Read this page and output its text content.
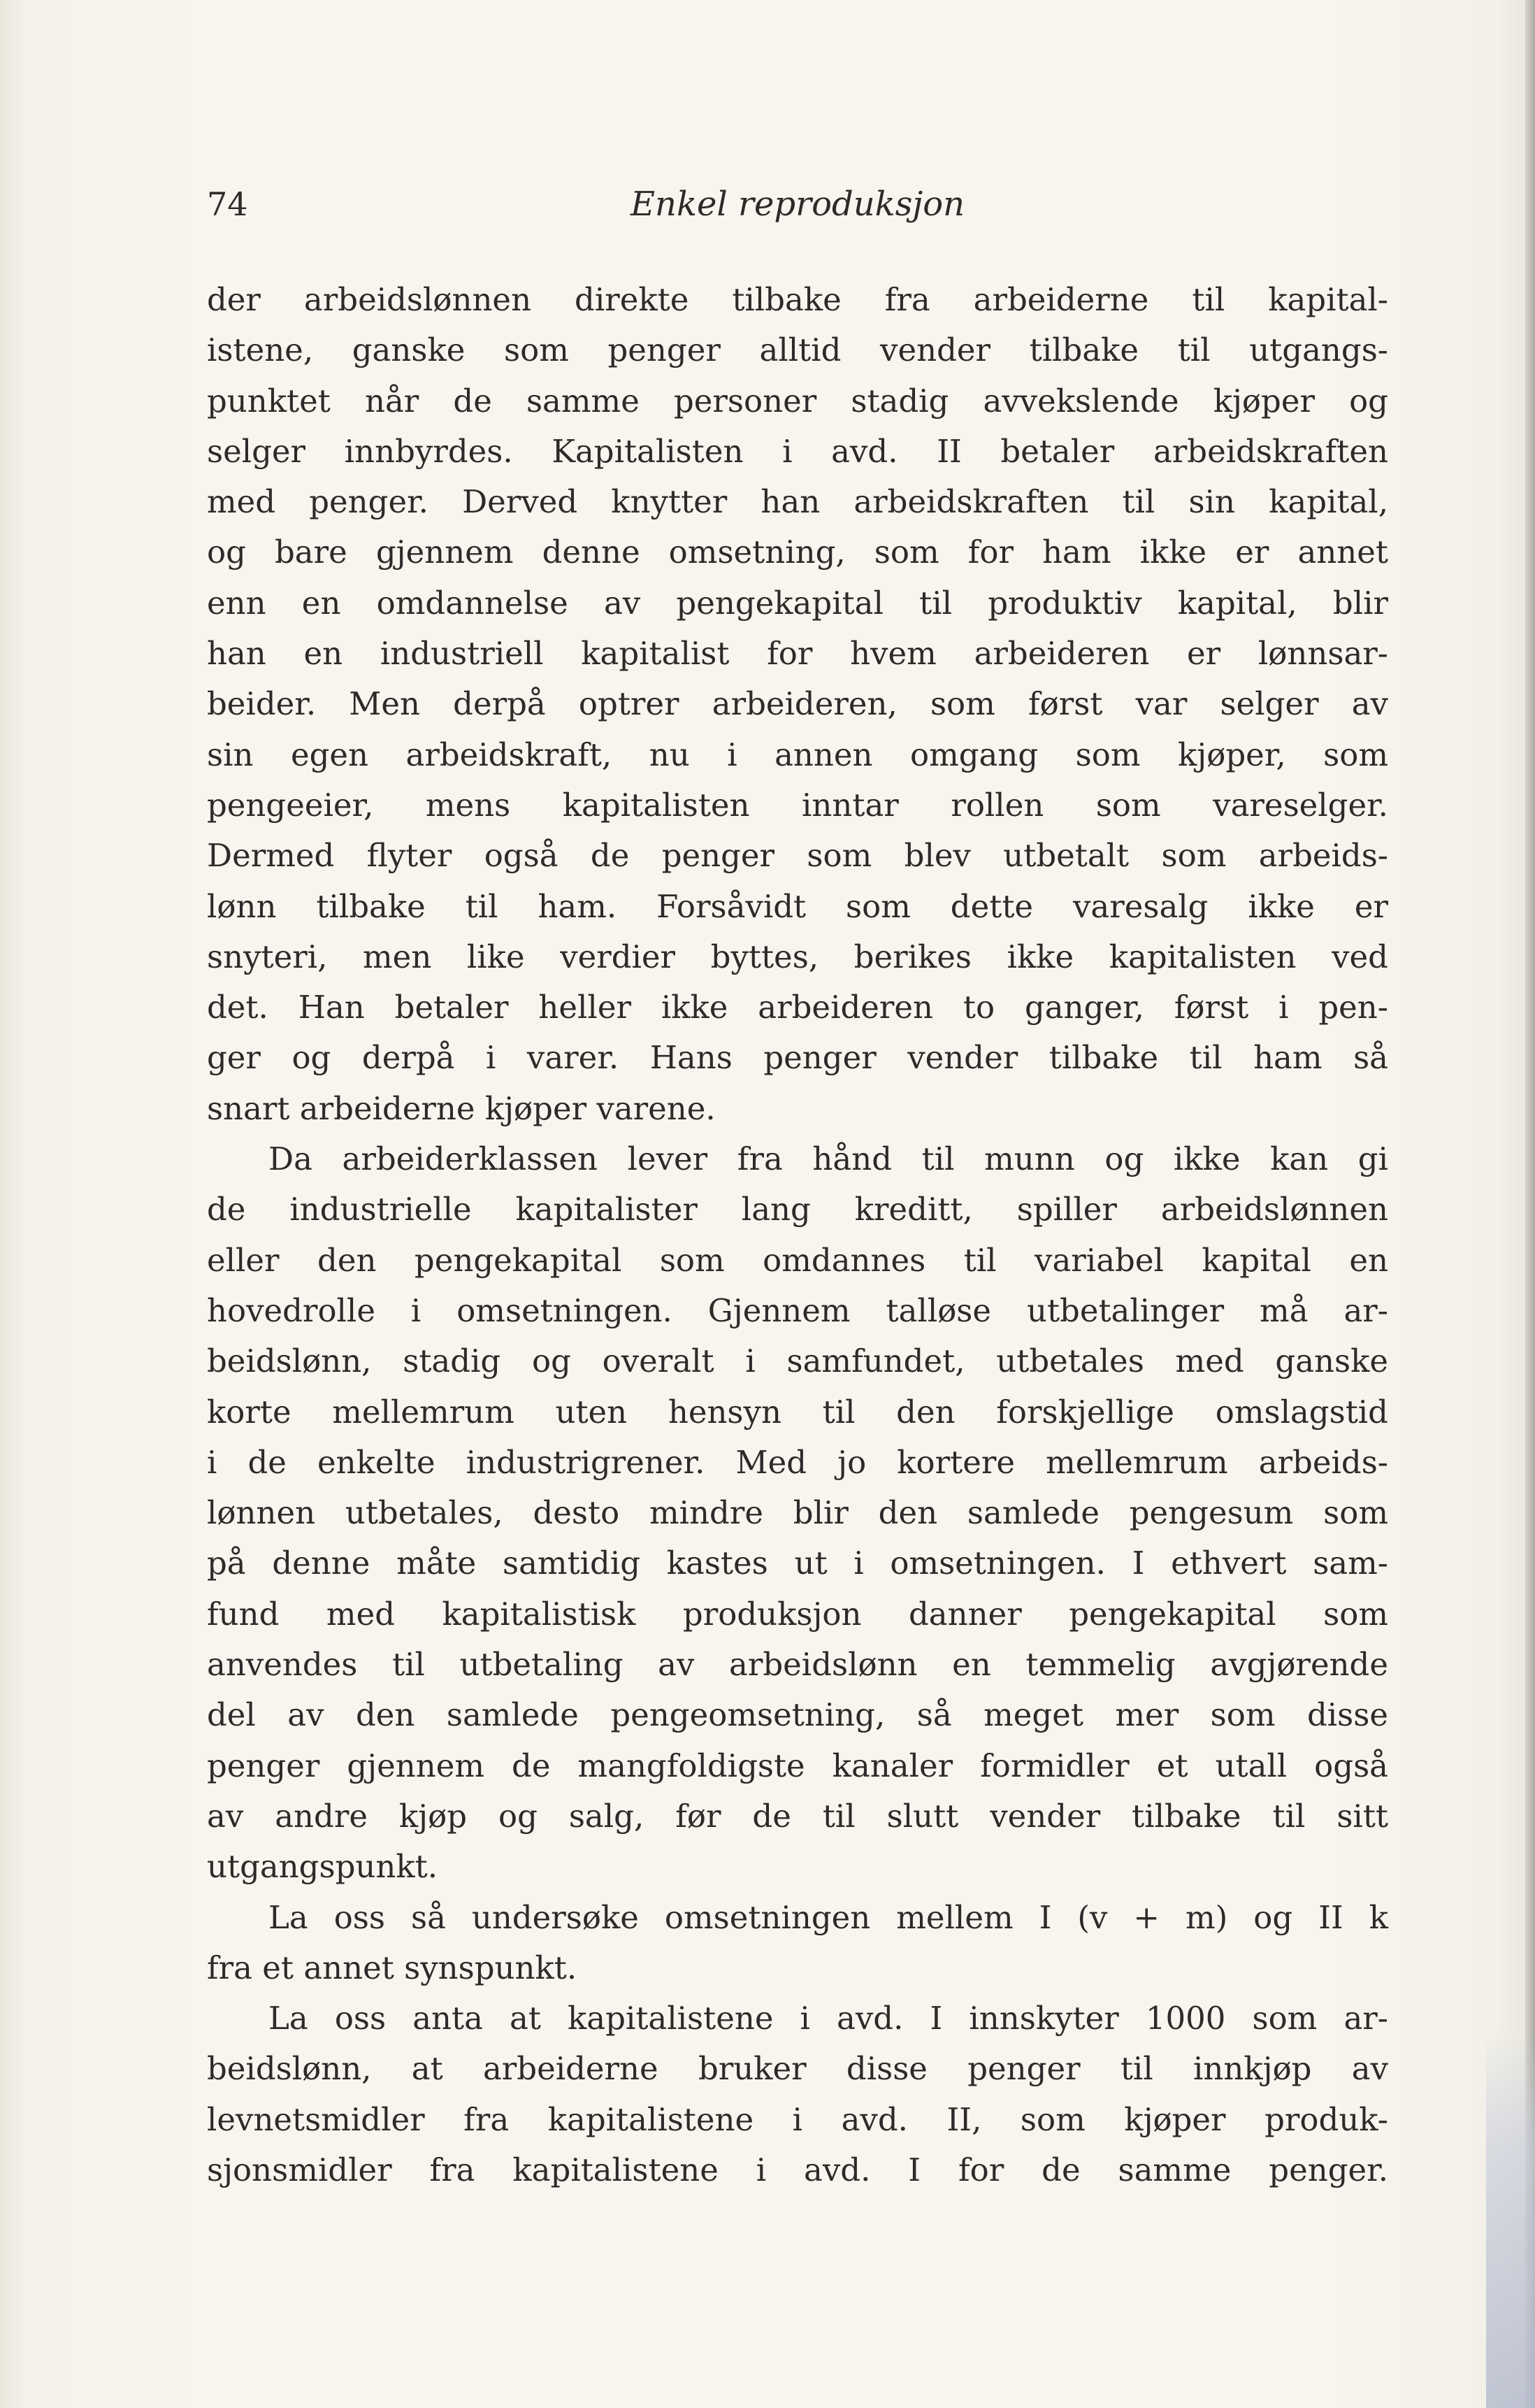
74	Enkel reproduksjon
der arbeidslønnen direkte tilbake fra arbeiderne til kapital-
istene, ganske som penger alltid vender tilbake til utgangs-
punktet når de samme personer stadig avvekslende kjøper og
selger innbyrdes. Kapitalisten i avd. II betaler arbeidskraften
med penger. Derved knytter han arbeidskraften til sin kapital,
og bare gjennem denne omsetning, som for ham ikke er annet
enn en omdannelse av pengekapital til produktiv kapital, blir
han en industriell kapitalist for hvem arbeideren er lønnsar-
beider. Men derpå optrer arbeideren, som først var selger av
sin egen arbeidskraft, nu i annen omgang som kjøper, som
pengeeier, mens kapitalisten inntar rollen som vareselger.
Dermed flyter også de penger som blev utbetalt som arbeids-
lønn tilbake til ham. Forsåvidt som dette varesalg ikke er
snyteri, men like verdier byttes, berikes ikke kapitalisten ved
det. Han betaler heller ikke arbeideren to ganger, først i pen-
ger og derpå i varer. Hans penger vender tilbake til ham så
snart arbeiderne kjøper varene.
Da arbeiderklassen lever fra hånd til munn og ikke kan gi
de industrielle kapitalister lang kreditt, spiller arbeidslønnen
eller den pengekapital som omdannes til variabel kapital en
hovedrolle i omsetningen. Gjennem talløse utbetalinger må ar-
beidslønn, stadig og overalt i samfundet, utbetales med ganske
korte mellemrum uten hensyn til den forskjellige omslagstid
i de enkelte industrigrener. Med jo kortere mellemrum arbeids-
lønnen utbetales, desto mindre blir den samlede pengesum som
på denne måte samtidig kastes ut i omsetningen. I ethvert sam-
fund med kapitalistisk produksjon danner pengekapital som
anvendes til utbetaling av arbeidslønn en temmelig avgjørende
del av den samlede pengeomsetning, så meget mer som disse
penger gjennem de mangfoldigste kanaler formidler et utall også
av andre kjøp og salg, før de til slutt vender tilbake til sitt
utgangspunkt.
La oss så undersøke omsetningen mellem I (v + m) og II k
fra et annet synspunkt.
La oss anta at kapitalistene i avd. I innskyter 1000 som ar-
beidslønn, at arbeiderne bruker disse penger til innkjøp av
levnetsmidler fra kapitalistene i avd. II, som kjøper produk-
sjonsmidler fra kapitalistene i avd. I for de samme penger.
